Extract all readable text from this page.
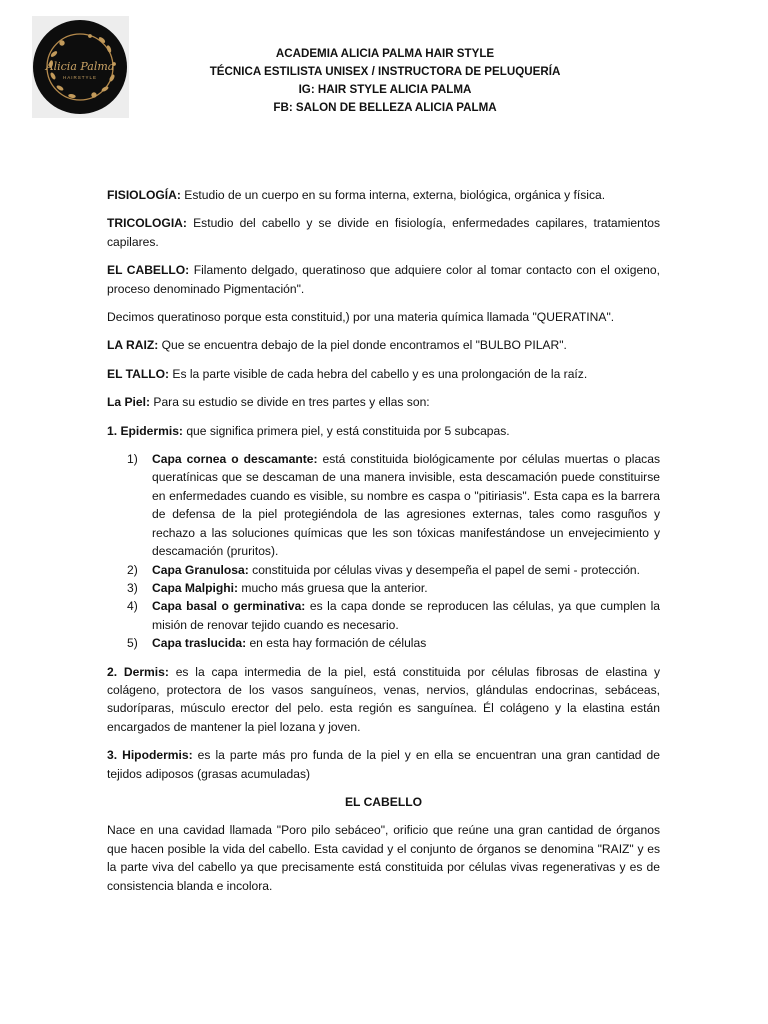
Alicia Palma
HAIRSTYLE
ACADEMIA ALICIA PALMA HAIR STYLE
TÉCNICA ESTILISTA UNISEX / INSTRUCTORA DE PELUQUERÍA
IG: HAIR STYLE ALICIA PALMA
FB: SALON DE BELLEZA ALICIA PALMA

FISIOLOGÍA: Estudio de un cuerpo en su forma interna, externa, biológica, orgánica y física.

TRICOLOGIA: Estudio del cabello y se divide en fisiología, enfermedades capilares, tratamientos capilares.

EL CABELLO: Filamento delgado, queratinoso que adquiere color al tomar contacto con el oxigeno, proceso denominado Pigmentación".

Decimos queratinoso porque esta constituid,) por una materia química llamada "QUERATINA".

LA RAIZ: Que se encuentra debajo de la piel donde encontramos el "BULBO PILAR".

EL TALLO: Es la parte visible de cada hebra del cabello y es una prolongación de la raíz.

La Piel: Para su estudio se divide en tres partes y ellas son:

1. Epidermis: que significa primera piel, y está constituida por 5 subcapas.

1) Capa cornea o descamante: está constituida biológicamente por células muertas o placas queratínicas que se descaman de una manera invisible, esta descamación puede constituirse en enfermedades cuando es visible, su nombre es caspa o "pitiriasis". Esta capa es la barrera de defensa de la piel protegiéndola de las agresiones externas, tales como rasguños y rechazo a las soluciones químicas que les son tóxicas manifestándose un envejecimiento y descamación (pruritos).
2) Capa Granulosa: constituida por células vivas y desempeña el papel de semi - protección.
3) Capa Malpighi: mucho más gruesa que la anterior.
4) Capa basal o germinativa: es la capa donde se reproducen las células, ya que cumplen la misión de renovar tejido cuando es necesario.
5) Capa traslucida: en esta hay formación de células

2. Dermis: es la capa intermedia de la piel, está constituida por células fibrosas de elastina y colágeno, protectora de los vasos sanguíneos, venas, nervios, glándulas endocrinas, sebáceas, sudoríparas, músculo erector del pelo. esta región es sanguínea. Él colágeno y la elastina están encargados de mantener la piel lozana y joven.

3. Hipodermis: es la parte más pro funda de la piel y en ella se encuentran una gran cantidad de tejidos adiposos (grasas acumuladas)

EL CABELLO

Nace en una cavidad llamada "Poro pilo sebáceo", orificio que reúne una gran cantidad de órganos que hacen posible la vida del cabello. Esta cavidad y el conjunto de órganos se denomina "RAIZ" y es la parte viva del cabello ya que precisamente está constituida por células vivas regenerativas y es de consistencia blanda e incolora.
